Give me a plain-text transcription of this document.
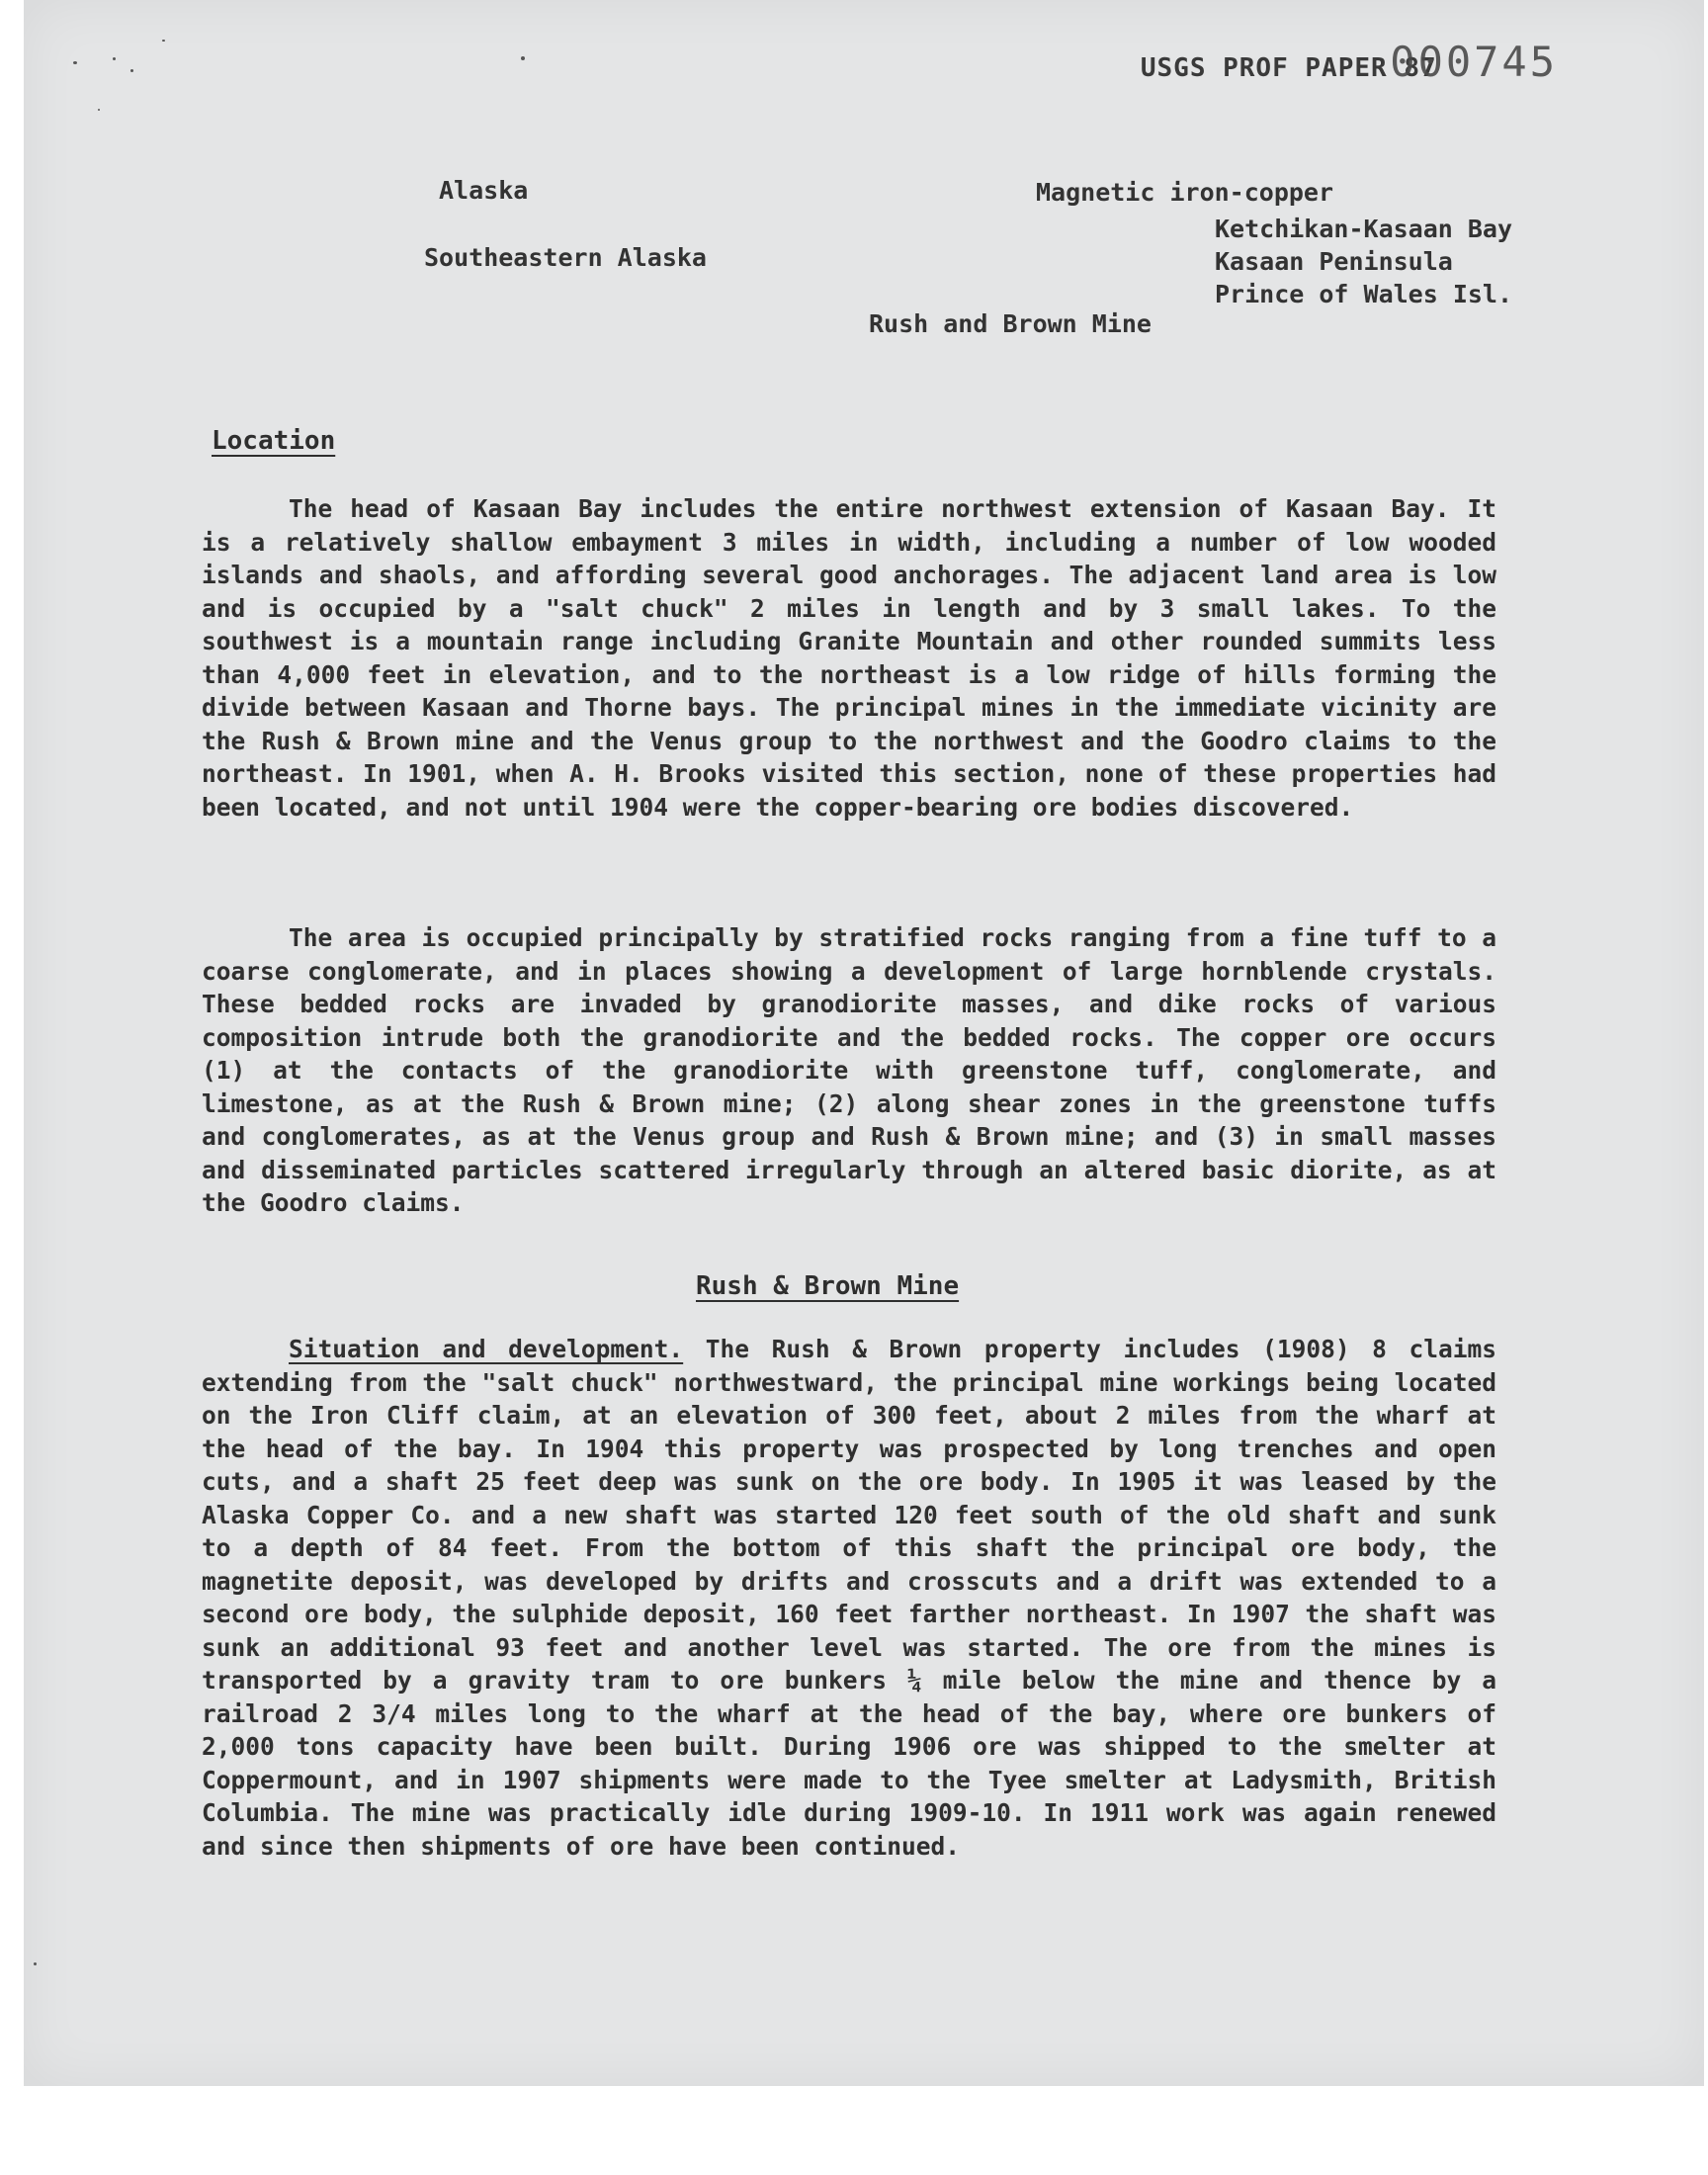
USGS PROF PAPER 87 000745
Alaska
Southeastern Alaska
Magnetic iron-copper
Ketchikan-Kasaan Bay
Kasaan Peninsula
Prince of Wales Isl.
Rush and Brown Mine
Location

The head of Kasaan Bay includes the entire northwest extension of Kasaan Bay. It is a relatively shallow embayment 3 miles in width, including a number of low wooded islands and shaols, and affording several good anchorages. The adjacent land area is low and is occupied by a "salt chuck" 2 miles in length and by 3 small lakes. To the southwest is a mountain range including Granite Mountain and other rounded summits less than 4,000 feet in elevation, and to the northeast is a low ridge of hills forming the divide between Kasaan and Thorne bays. The principal mines in the immediate vicinity are the Rush & Brown mine and the Venus group to the northwest and the Goodro claims to the northeast. In 1901, when A. H. Brooks visited this section, none of these properties had been located, and not until 1904 were the copper-bearing ore bodies discovered.

The area is occupied principally by stratified rocks ranging from a fine tuff to a coarse conglomerate, and in places showing a development of large hornblende crystals. These bedded rocks are invaded by granodiorite masses, and dike rocks of various composition intrude both the granodiorite and the bedded rocks. The copper ore occurs (1) at the contacts of the granodiorite with greenstone tuff, conglomerate, and limestone, as at the Rush & Brown mine; (2) along shear zones in the greenstone tuffs and conglomerates, as at the Venus group and Rush & Brown mine; and (3) in small masses and disseminated particles scattered irregularly through an altered basic diorite, as at the Goodro claims.

Rush & Brown Mine

Situation and development. The Rush & Brown property includes (1908) 8 claims extending from the "salt chuck" northwestward, the principal mine workings being located on the Iron Cliff claim, at an elevation of 300 feet, about 2 miles from the wharf at the head of the bay. In 1904 this property was prospected by long trenches and open cuts, and a shaft 25 feet deep was sunk on the ore body. In 1905 it was leased by the Alaska Copper Co. and a new shaft was started 120 feet south of the old shaft and sunk to a depth of 84 feet. From the bottom of this shaft the principal ore body, the magnetite deposit, was developed by drifts and crosscuts and a drift was extended to a second ore body, the sulphide deposit, 160 feet farther northeast. In 1907 the shaft was sunk an additional 93 feet and another level was started. The ore from the mines is transported by a gravity tram to ore bunkers ¼ mile below the mine and thence by a railroad 2 3/4 miles long to the wharf at the head of the bay, where ore bunkers of 2,000 tons capacity have been built. During 1906 ore was shipped to the smelter at Coppermount, and in 1907 shipments were made to the Tyee smelter at Ladysmith, British Columbia. The mine was practically idle during 1909-10. In 1911 work was again renewed and since then shipments of ore have been continued.
